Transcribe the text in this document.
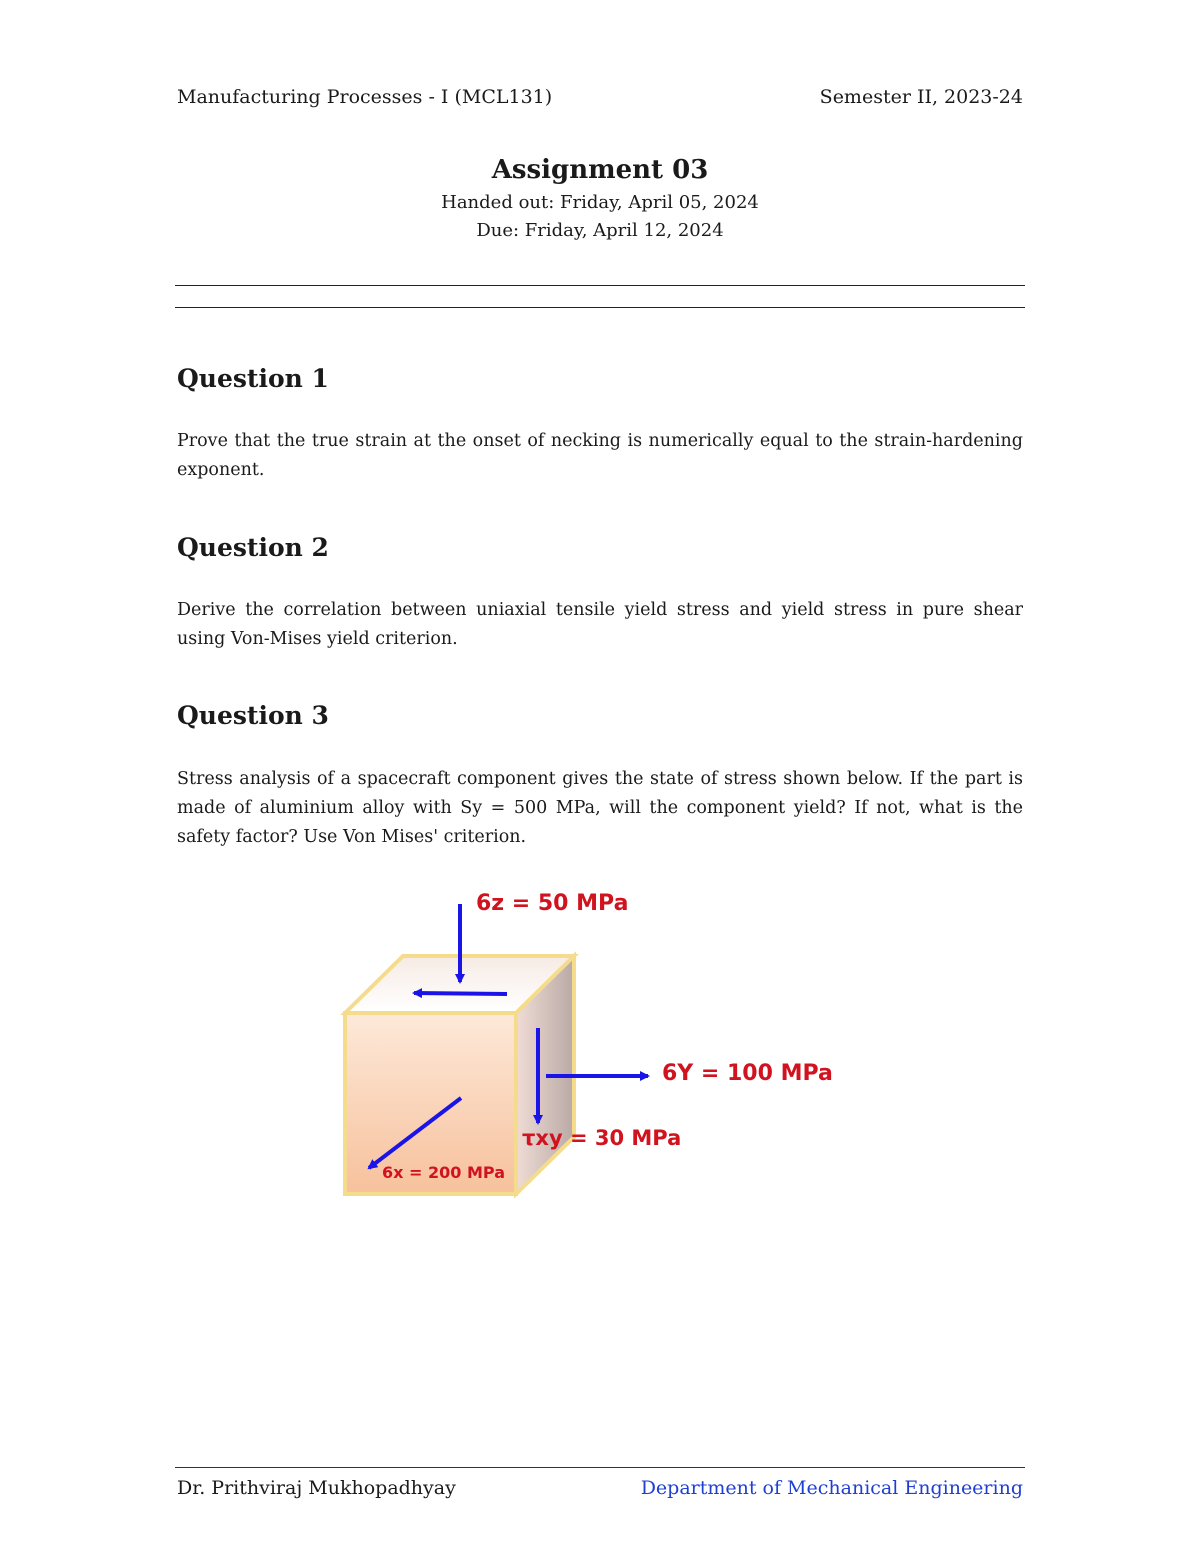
Manufacturing Processes - I (MCL131)	Semester II, 2023-24
Assignment 03
Handed out: Friday, April 05, 2024
Due: Friday, April 12, 2024
Question 1
Prove that the true strain at the onset of necking is numerically equal to the strain-hardening exponent.
Question 2
Derive the correlation between uniaxial tensile yield stress and yield stress in pure shear using Von-Mises yield criterion.
Question 3
Stress analysis of a spacecraft component gives the state of stress shown below. If the part is made of aluminium alloy with Sy = 500 MPa, will the component yield? If not, what is the safety factor? Use Von Mises' criterion.
6z = 50 MPa
6Y = 100 MPa
τxy = 30 MPa
6x = 200 MPa
Dr. Prithviraj Mukhopadhyay	Department of Mechanical Engineering
